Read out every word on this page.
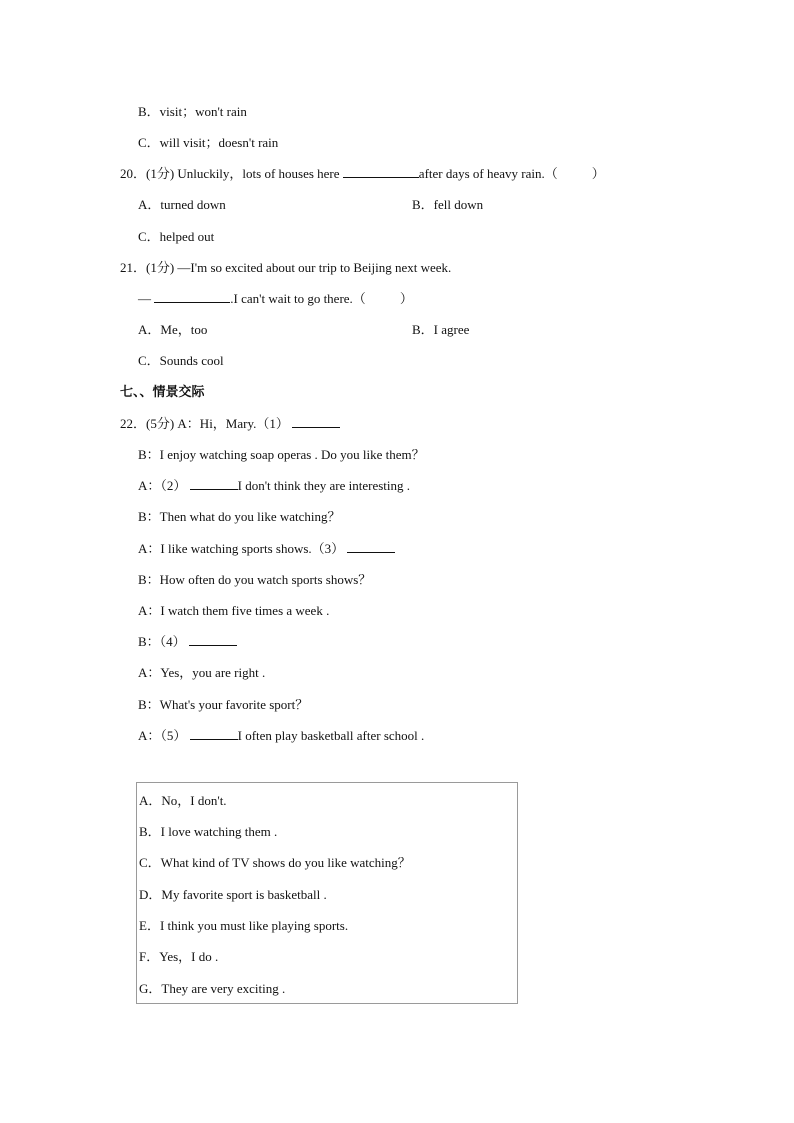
B．visit；won't rain
C．will visit；doesn't rain
20．(1分) Unluckily，lots of houses here	after days of heavy rain.（	）
A．turned down	B．fell down
C．helped out
21．(1分) —I'm so excited about our trip to Beijing next week.
—	.I can't wait to go there.（	）
A．Me，too	B．I agree
C．Sounds cool
七、、情景交际
22．(5分) A：Hi，Mary.（1）
B：I enjoy watching soap operas . Do you like them？
A：（2）	I don't think they are interesting .
B：Then what do you like watching？
A：I like watching sports shows.（3）
B：How often do you watch sports shows？
A：I watch them five times a week .
B：（4）
A：Yes，you are right .
B：What's your favorite sport？
A：（5）	I often play basketball after school .
A．No，I don't.
B．I love watching them .
C．What kind of TV shows do you like watching？
D．My favorite sport is basketball .
E．I think you must like playing sports.
F．Yes，I do .
G．They are very exciting .
